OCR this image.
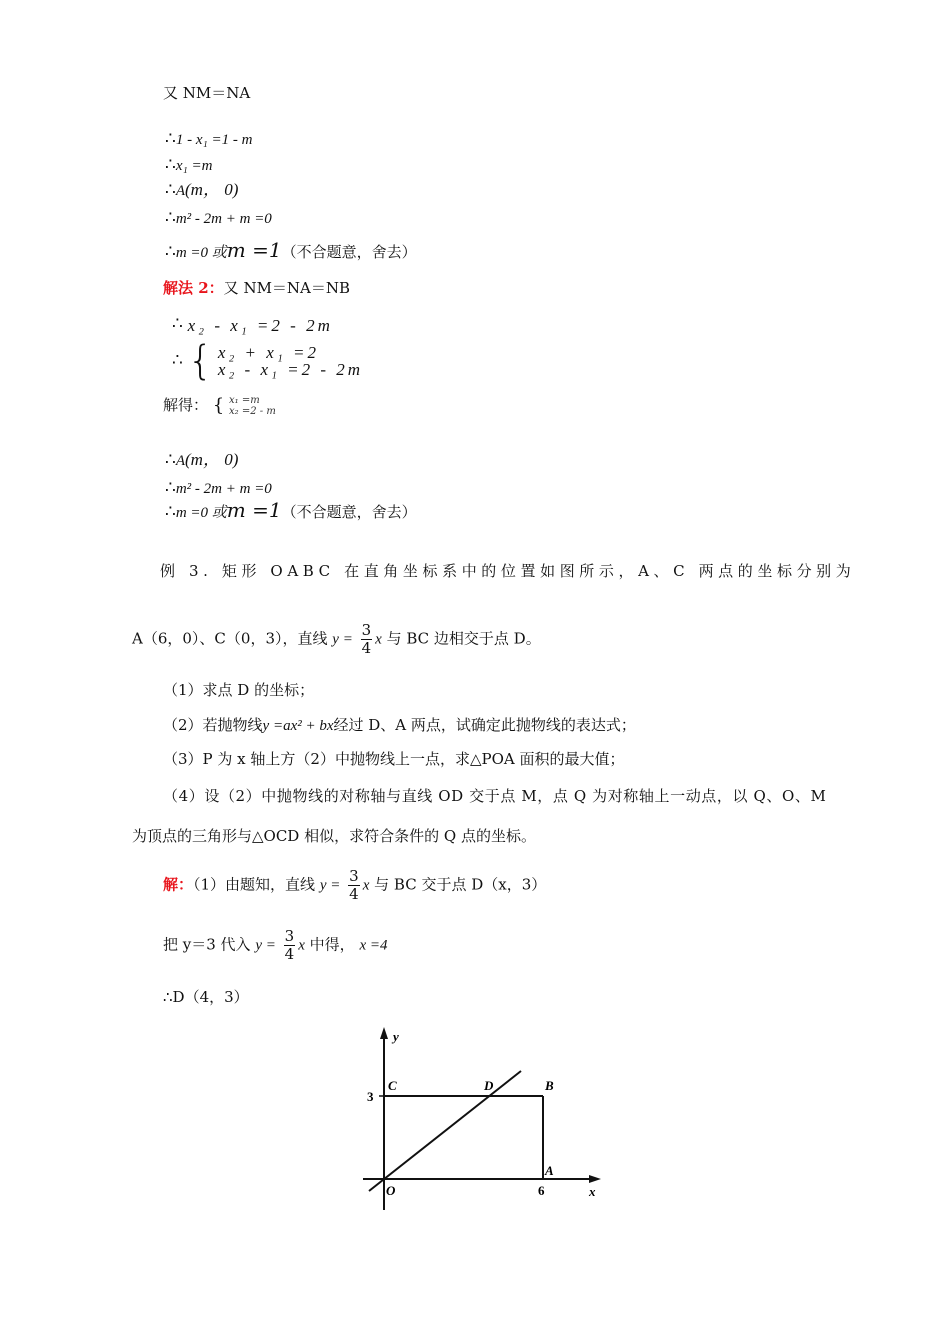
又 NM＝NA
∴1 - x₁ =1 - m
∴x₁ =m
∴A(m， 0)
∴m² - 2m + m =0
∴m =0 或m =1（不合题意，舍去）
解法 2：又 NM＝NA＝NB
∴ x₂ - x₁ =2 - 2m
∴ { x₂ + x₁ =2
x₂ - x₁ =2 - 2m
解得： { x₁ =m
x₂ =2 - m
∴A(m， 0)
∴m² - 2m + m =0
∴m =0 或m =1（不合题意，舍去）
例 3. 矩形 OABC 在直角坐标系中的位置如图所示，A、C 两点的坐标分别为
A（6，0）、C（0，3），直线 $y = \frac{3}{4}$ x 与 BC 边相交于点 D。
（1）求点 D 的坐标；
（2）若抛物线y =ax² + bx经过 D、A 两点，试确定此抛物线的表达式；
（3）P 为 x 轴上方（2）中抛物线上一点，求△POA 面积的最大值；
（4）设（2）中抛物线的对称轴与直线 OD 交于点 M，点 Q 为对称轴上一动点，以 Q、O、M
为顶点的三角形与△OCD 相似，求符合条件的 Q 点的坐标。
解：（1）由题知，直线 $y = \frac{3}{4}$ x 与 BC 交于点 D（x，3）
把 y＝3 代入 $y = \frac{3}{4}$ x 中得， x =4
∴D（4，3）
y
x
C	D	B
A
O
3
6
